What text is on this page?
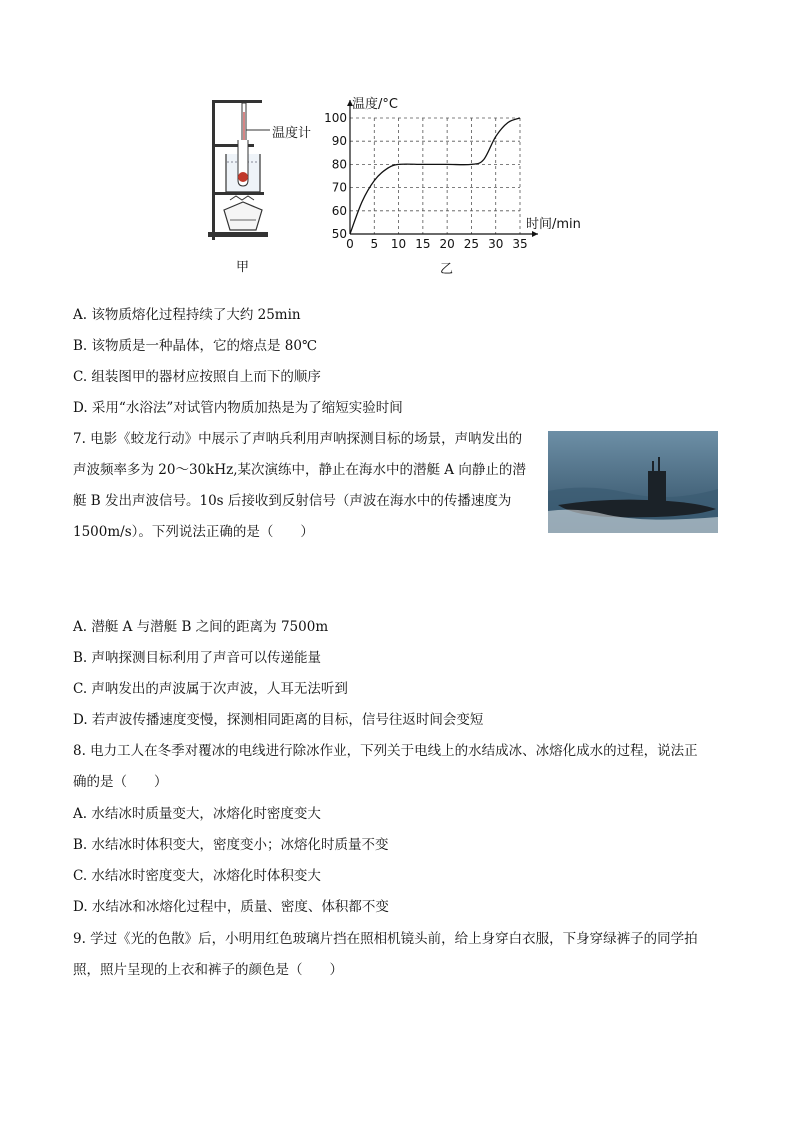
温度计
甲
0 5 10 15 20 25 30 35
50
60
70
80
90
100
温度/°C
时间/min
乙
A. 该物质熔化过程持续了大约 25min
B. 该物质是一种晶体，它的熔点是 80℃
C. 组装图甲的器材应按照自上而下的顺序
D. 采用“水浴法”对试管内物质加热是为了缩短实验时间
7. 电影《蛟龙行动》中展示了声呐兵利用声呐探测目标的场景，声呐发出的
声波频率多为 20～30kHz,某次演练中，静止在海水中的潜艇 A 向静止的潜
艇 B 发出声波信号。10s 后接收到反射信号（声波在海水中的传播速度为
1500m/s）。下列说法正确的是（　　）
A. 潜艇 A 与潜艇 B 之间的距离为 7500m
B. 声呐探测目标利用了声音可以传递能量
C. 声呐发出的声波属于次声波，人耳无法听到
D. 若声波传播速度变慢，探测相同距离的目标，信号往返时间会变短
8. 电力工人在冬季对覆冰的电线进行除冰作业，下列关于电线上的水结成冰、冰熔化成水的过程，说法正
确的是（　　）
A. 水结冰时质量变大，冰熔化时密度变大
B. 水结冰时体积变大，密度变小；冰熔化时质量不变
C. 水结冰时密度变大，冰熔化时体积变大
D. 水结冰和冰熔化过程中，质量、密度、体积都不变
9. 学过《光的色散》后，小明用红色玻璃片挡在照相机镜头前，给上身穿白衣服，下身穿绿裤子的同学拍
照，照片呈现的上衣和裤子的颜色是（　　）
